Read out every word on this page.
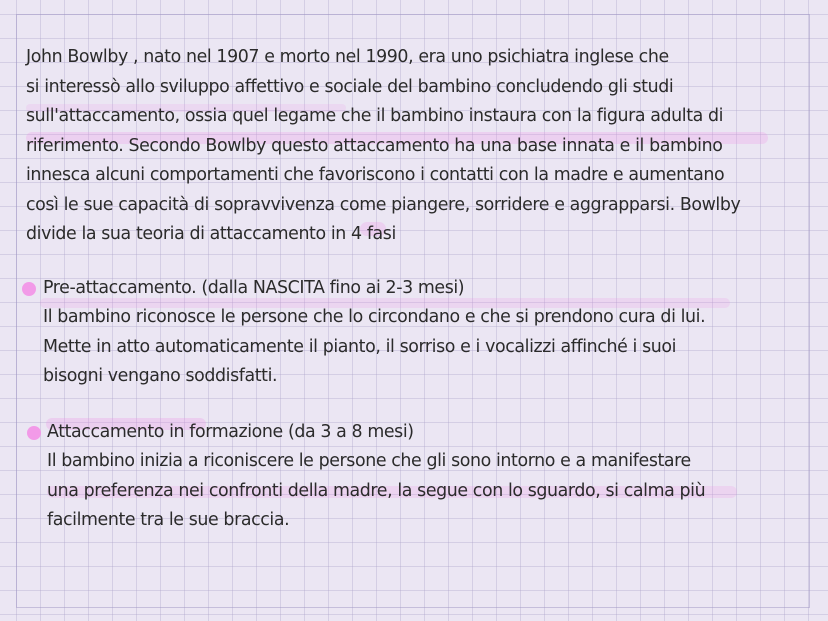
John Bowlby , nato nel 1907 e morto nel 1990, era uno psichiatra inglese che
si interessò allo sviluppo affettivo e sociale del bambino concludendo gli studi
sull'attaccamento, ossia quel legame che il bambino instaura con la figura adulta di
riferimento. Secondo Bowlby questo attaccamento ha una base innata e il bambino
innesca alcuni comportamenti che favoriscono i contatti con la madre e aumentano
così le sue capacità di sopravvivenza come piangere, sorridere e aggrapparsi. Bowlby
divide la sua teoria di attaccamento in 4 fasi
Pre-attaccamento. (dalla NASCITA fino ai 2-3 mesi)
Il bambino riconosce le persone che lo circondano e che si prendono cura di lui.
Mette in atto automaticamente il pianto, il sorriso e i vocalizzi affinché i suoi
bisogni vengano soddisfatti.
Attaccamento in formazione (da 3 a 8 mesi)
Il bambino inizia a riconiscere le persone che gli sono intorno e a manifestare
una preferenza nei confronti della madre, la segue con lo sguardo, si calma più
facilmente tra le sue braccia.
